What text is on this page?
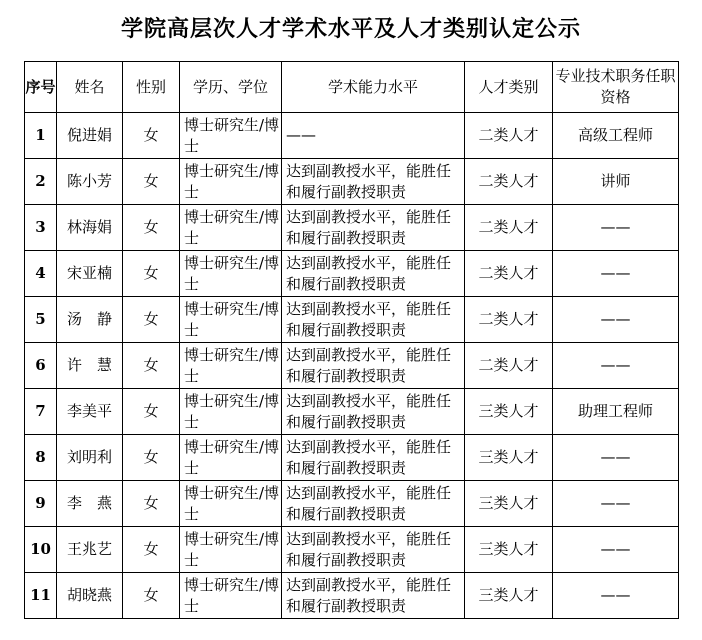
学院高层次人才学术水平及人才类别认定公示
序号	姓名	性别	学历、学位	学术能力水平	人才类别	专业技术职务任职资格
1	倪进娟	女	博士研究生/博士	——	二类人才	高级工程师
2	陈小芳	女	博士研究生/博士	达到副教授水平，能胜任和履行副教授职责	二类人才	讲师
3	林海娟	女	博士研究生/博士	达到副教授水平，能胜任和履行副教授职责	二类人才	——
4	宋亚楠	女	博士研究生/博士	达到副教授水平，能胜任和履行副教授职责	二类人才	——
5	汤　静	女	博士研究生/博士	达到副教授水平，能胜任和履行副教授职责	二类人才	——
6	许　慧	女	博士研究生/博士	达到副教授水平，能胜任和履行副教授职责	二类人才	——
7	李美平	女	博士研究生/博士	达到副教授水平，能胜任和履行副教授职责	三类人才	助理工程师
8	刘明利	女	博士研究生/博士	达到副教授水平，能胜任和履行副教授职责	三类人才	——
9	李　燕	女	博士研究生/博士	达到副教授水平，能胜任和履行副教授职责	三类人才	——
10	王兆艺	女	博士研究生/博士	达到副教授水平，能胜任和履行副教授职责	三类人才	——
11	胡晓燕	女	博士研究生/博士	达到副教授水平，能胜任和履行副教授职责	三类人才	——
